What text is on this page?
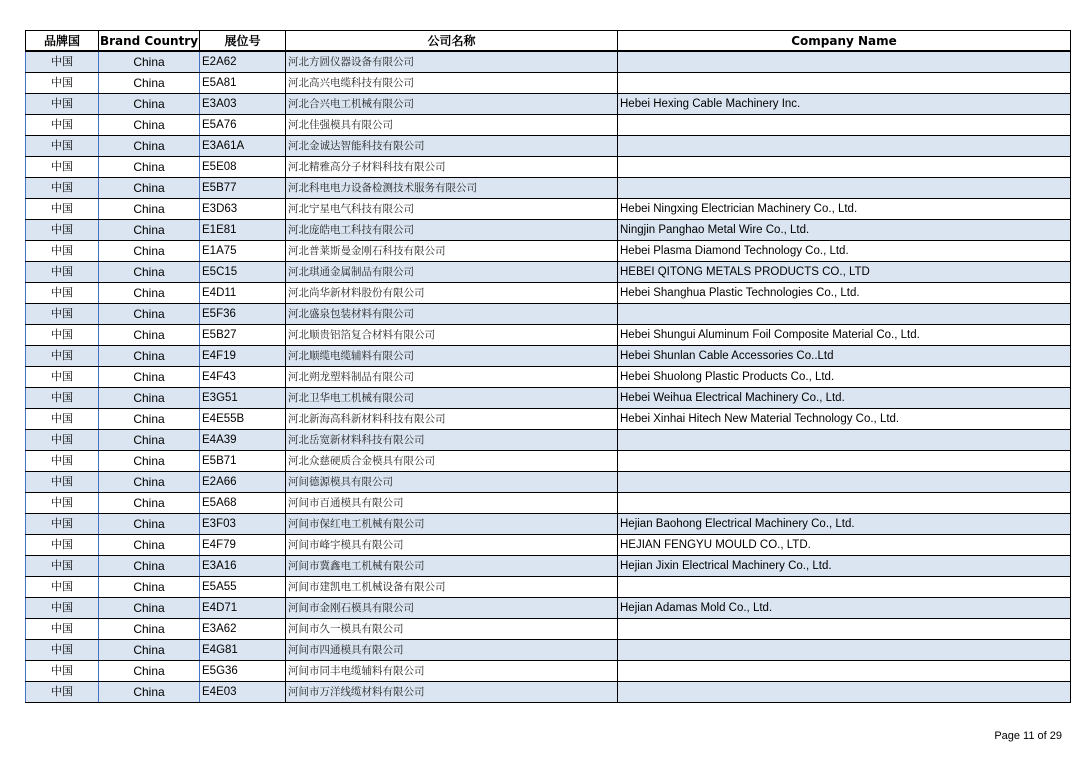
品牌国	Brand Country	展位号	公司名称	Company Name
中国	China	E2A62	河北方圆仪器设备有限公司	
中国	China	E5A81	河北高兴电缆科技有限公司	
中国	China	E3A03	河北合兴电工机械有限公司	Hebei Hexing Cable Machinery Inc.
中国	China	E5A76	河北佳强模具有限公司	
中国	China	E3A61A	河北金诚达智能科技有限公司	
中国	China	E5E08	河北精雅高分子材料科技有限公司	
中国	China	E5B77	河北科电电力设备检测技术服务有限公司	
中国	China	E3D63	河北宁星电气科技有限公司	Hebei Ningxing Electrician Machinery Co., Ltd.
中国	China	E1E81	河北庞皓电工科技有限公司	Ningjin Panghao Metal Wire Co., Ltd.
中国	China	E1A75	河北普莱斯曼金刚石科技有限公司	Hebei Plasma Diamond Technology Co., Ltd.
中国	China	E5C15	河北琪通金属制品有限公司	HEBEI QITONG METALS PRODUCTS CO., LTD
中国	China	E4D11	河北尚华新材料股份有限公司	Hebei Shanghua Plastic Technologies Co., Ltd.
中国	China	E5F36	河北盛泉包装材料有限公司	
中国	China	E5B27	河北顺贵铝箔复合材料有限公司	Hebei Shungui Aluminum Foil Composite Material Co., Ltd.
中国	China	E4F19	河北顺缆电缆辅料有限公司	Hebei Shunlan Cable Accessories Co..Ltd
中国	China	E4F43	河北朔龙塑料制品有限公司	Hebei Shuolong Plastic Products Co., Ltd.
中国	China	E3G51	河北卫华电工机械有限公司	Hebei Weihua Electrical Machinery Co., Ltd.
中国	China	E4E55B	河北新海高科新材料科技有限公司	Hebei Xinhai Hitech New Material Technology Co., Ltd.
中国	China	E4A39	河北岳宽新材料科技有限公司	
中国	China	E5B71	河北众慈硬质合金模具有限公司	
中国	China	E2A66	河间德源模具有限公司	
中国	China	E5A68	河间市百通模具有限公司	
中国	China	E3F03	河间市保红电工机械有限公司	Hejian Baohong Electrical Machinery Co., Ltd.
中国	China	E4F79	河间市峰宇模具有限公司	HEJIAN FENGYU MOULD CO., LTD.
中国	China	E3A16	河间市冀鑫电工机械有限公司	Hejian Jixin Electrical Machinery Co., Ltd.
中国	China	E5A55	河间市建凯电工机械设备有限公司	
中国	China	E4D71	河间市金刚石模具有限公司	Hejian Adamas Mold Co., Ltd.
中国	China	E3A62	河间市久一模具有限公司	
中国	China	E4G81	河间市四通模具有限公司	
中国	China	E5G36	河间市同丰电缆辅料有限公司	
中国	China	E4E03	河间市万洋线缆材料有限公司	
Page 11 of 29
